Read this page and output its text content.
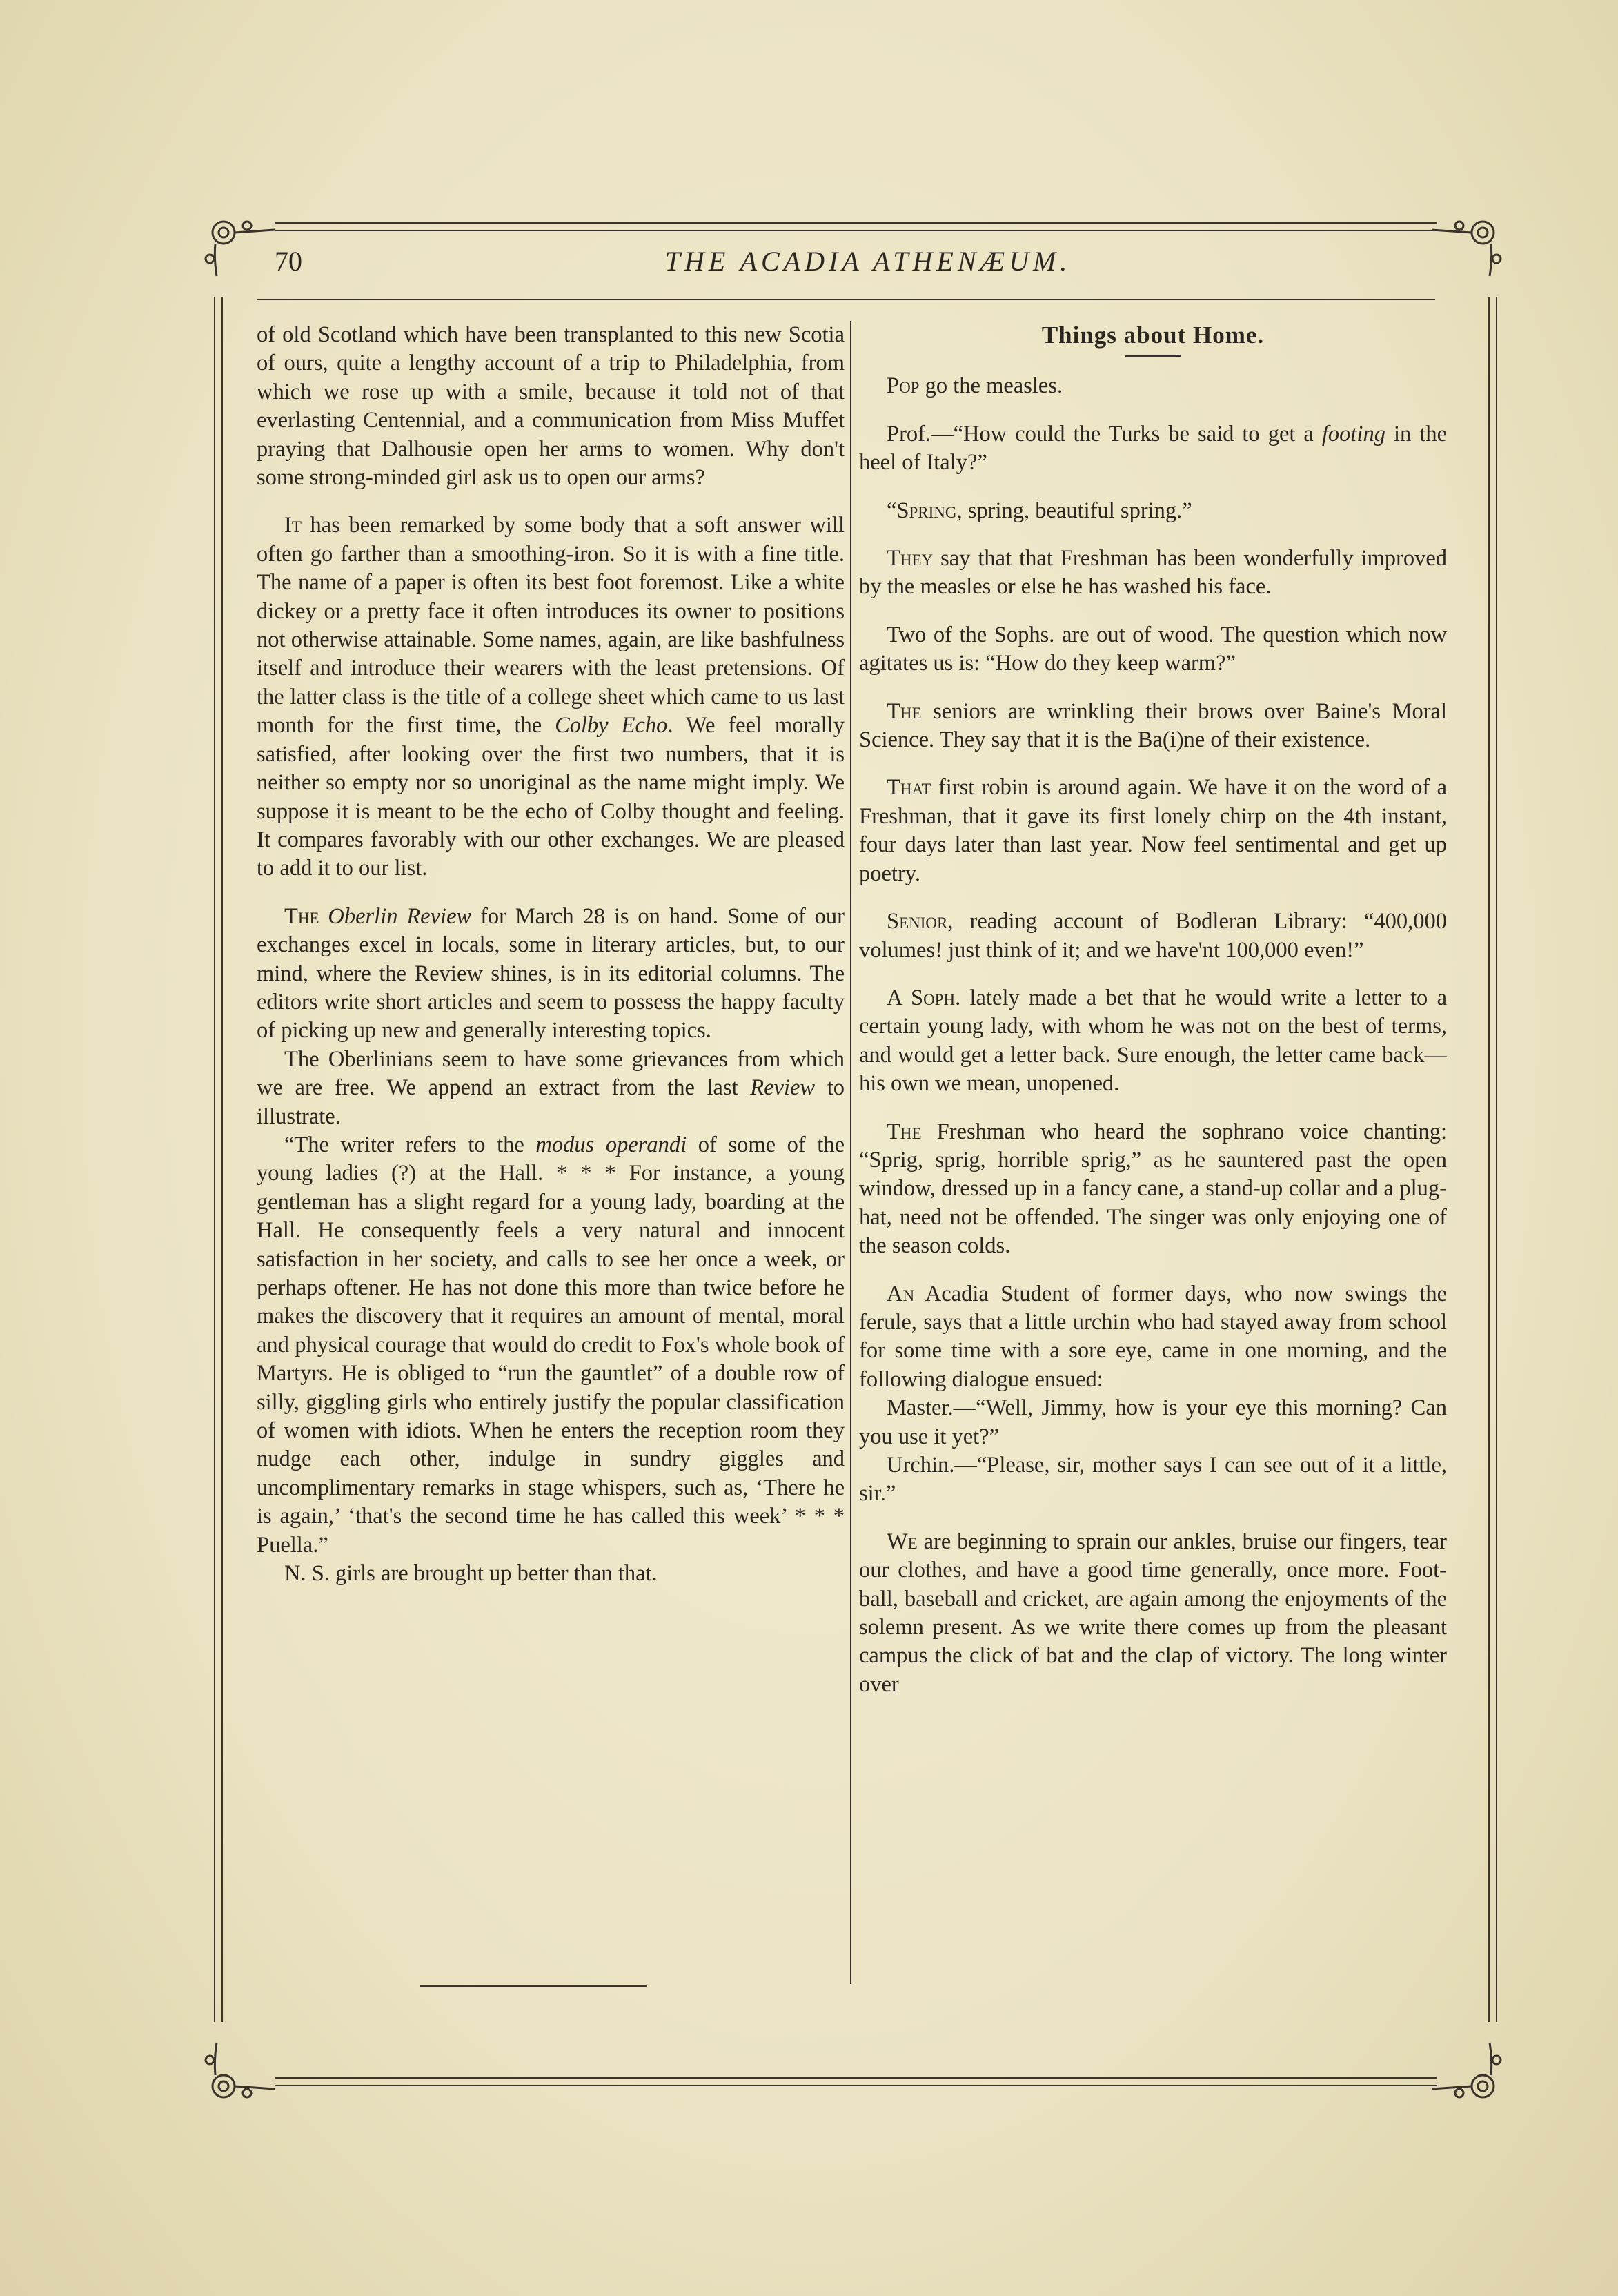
70	THE ACADIA ATHENÆUM.

of old Scotland which have been transplanted to this new Scotia of ours, quite a lengthy account of a trip to Philadelphia, from which we rose up with a smile, because it told not of that everlasting Centennial, and a communication from Miss Muffet praying that Dalhousie open her arms to women. Why don't some strong-minded girl ask us to open our arms?

It has been remarked by some body that a soft answer will often go farther than a smoothing-iron. So it is with a fine title. The name of a paper is often its best foot foremost. Like a white dickey or a pretty face it often introduces its owner to positions not otherwise attainable. Some names, again, are like bashfulness itself and introduce their wearers with the least pretensions. Of the latter class is the title of a college sheet which came to us last month for the first time, the Colby Echo. We feel morally satisfied, after looking over the first two numbers, that it is neither so empty nor so unoriginal as the name might imply. We suppose it is meant to be the echo of Colby thought and feeling. It compares favorably with our other exchanges. We are pleased to add it to our list.

The Oberlin Review for March 28 is on hand. Some of our exchanges excel in locals, some in literary articles, but, to our mind, where the Review shines, is in its editorial columns. The editors write short articles and seem to possess the happy faculty of picking up new and generally interesting topics.

The Oberlinians seem to have some grievances from which we are free. We append an extract from the last Review to illustrate.

“The writer refers to the modus operandi of some of the young ladies (?) at the Hall. * * * For instance, a young gentleman has a slight regard for a young lady, boarding at the Hall. He consequently feels a very natural and innocent satisfaction in her society, and calls to see her once a week, or perhaps oftener. He has not done this more than twice before he makes the discovery that it requires an amount of mental, moral and physical courage that would do credit to Fox's whole book of Martyrs. He is obliged to “run the gauntlet” of a double row of silly, giggling girls who entirely justify the popular classification of women with idiots. When he enters the reception room they nudge each other, indulge in sundry giggles and uncomplimentary remarks in stage whispers, such as, ‘There he is again,’ ‘that's the second time he has called this week’ * * * Puella.”

N. S. girls are brought up better than that.

Things about Home.

Pop go the measles.

Prof.—“How could the Turks be said to get a footing in the heel of Italy?”

“Spring, spring, beautiful spring.”

They say that that Freshman has been wonderfully improved by the measles or else he has washed his face.

Two of the Sophs. are out of wood. The question which now agitates us is: “How do they keep warm?”

The seniors are wrinkling their brows over Baine's Moral Science. They say that it is the Ba(i)ne of their existence.

That first robin is around again. We have it on the word of a Freshman, that it gave its first lonely chirp on the 4th instant, four days later than last year. Now feel sentimental and get up poetry.

Senior, reading account of Bodleran Library: “400,000 volumes! just think of it; and we have'nt 100,000 even!”

A Soph. lately made a bet that he would write a letter to a certain young lady, with whom he was not on the best of terms, and would get a letter back. Sure enough, the letter came back—his own we mean, unopened.

The Freshman who heard the sophrano voice chanting: “Sprig, sprig, horrible sprig,” as he sauntered past the open window, dressed up in a fancy cane, a stand-up collar and a plug-hat, need not be offended. The singer was only enjoying one of the season colds.

An Acadia Student of former days, who now swings the ferule, says that a little urchin who had stayed away from school for some time with a sore eye, came in one morning, and the following dialogue ensued:

Master.—“Well, Jimmy, how is your eye this morning? Can you use it yet?”

Urchin.—“Please, sir, mother says I can see out of it a little, sir.”

We are beginning to sprain our ankles, bruise our fingers, tear our clothes, and have a good time generally, once more. Foot-ball, baseball and cricket, are again among the enjoyments of the solemn present. As we write there comes up from the pleasant campus the click of bat and the clap of victory. The long winter over
